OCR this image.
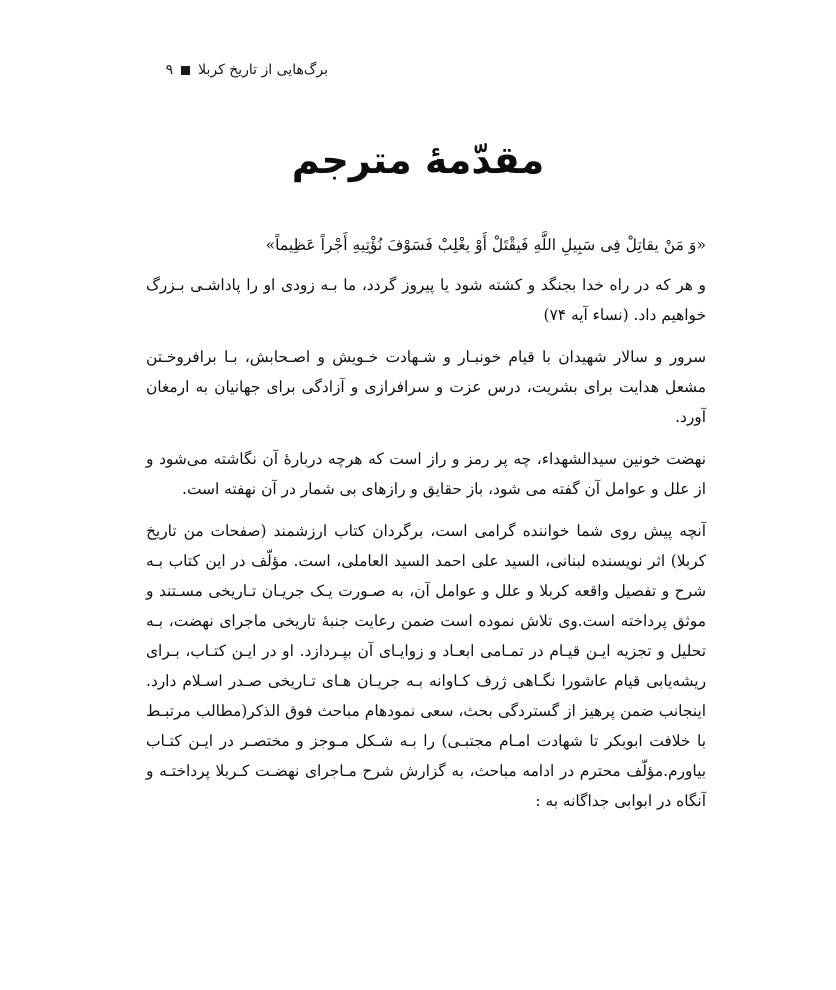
برگ‌هایی از تاریخ کربلا
۹
مقدّمهٔ مترجم

«وَ مَنْ یقاتِلْ فِی سَبِیلِ اللَّهِ فَیقْتَلْ أَوْ یغْلِبْ فَسَوْفَ نُؤْتِیهِ أَجْراً عَظِیماً»

و هر که در راه خدا بجنگد و کشته شود یا پیروز گردد، ما بـه زودی او را پاداشـی بـزرگ خواهیم داد. (نساء آیه ۷۴)

سرور و سالار شهیدان با قیام خونبـار و شـهادت خـویش و اصـحابش، بـا برافروخـتن مشعل هدایت برای بشریت، درس عزت و سرافرازی و آزادگی برای جهانیان به ارمغان آورد.

نهضت خونین سیدالشهداء، چه پر رمز و راز است که هرچه دربارهٔ آن نگاشته می‌شود و از علل و عوامل آن گفته می شود، باز حقایق و رازهای بی شمار در آن نهفته است.

آنچه پیش روی شما خواننده گرامی است، برگردان کتاب ارزشمند (صفحات من تاریخ کربلا) اثر نویسنده لبنانی، السید علی احمد السید العاملی، است. مؤلّف در این کتاب بـه شرح و تفصیل واقعه کربلا و علل و عوامل آن، به صـورت یـک جریـان تـاریخی مسـتند و موثق پرداخته است.وی تلاش نموده است ضمن رعایت جنبهٔ تاریخی ماجرای نهضت، بـه تحلیل و تجزیه ایـن قیـام در تمـامی ابعـاد و زوایـای آن بپـردازد. او در ایـن کتـاب، بـرای ریشه‌یابی قیام عاشورا نگـاهی ژرف کـاوانه بـه جریـان هـای تـاریخی صـدر اسـلام دارد. اینجانب ضمن پرهیز از گستردگی بحث، سعی نمودهام مباحث فوق الذکر(مطالب مرتبـط با خلافت ابوبکر تا شهادت امـام مجتبـی) را بـه شـکل مـوجز و مختصـر در ایـن کتـاب بیاورم.مؤلّف محترم در ادامه مباحث، به گزارش شرح مـاجرای نهضـت کـربلا پرداختـه و آنگاه در ابوابی جداگانه به :
